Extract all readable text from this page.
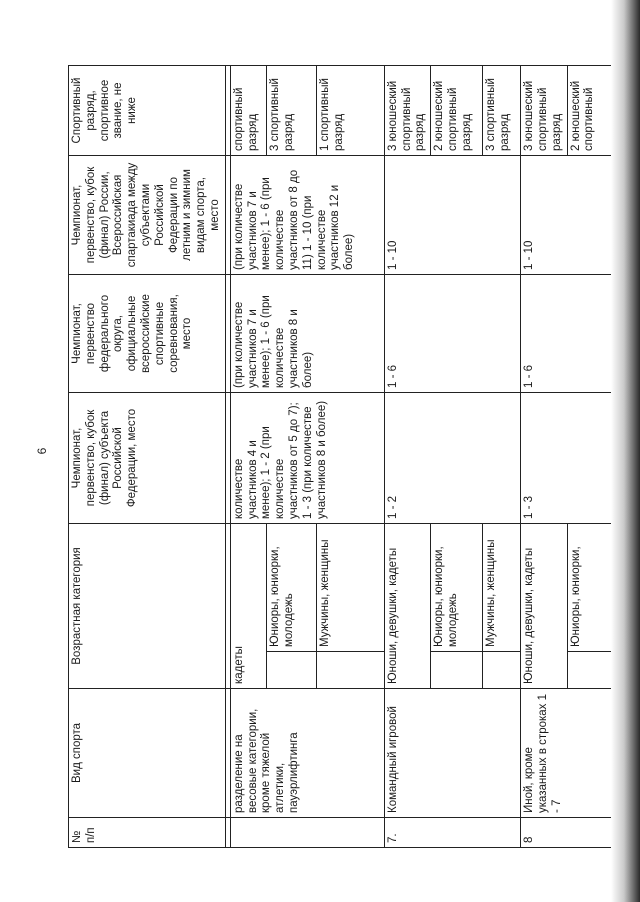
6
№ п/п	Вид спорта	Возрастная категория		Чемпионат, первенство, кубок (финал) субъекта Российской Федерации, место	Чемпионат, первенство федерального округа, официальные всероссийские спортивные соревнования, место	Чемпионат, первенство, кубок (финал) России, Всероссийская спартакиада между субъектами Российской Федерации по летним и зимним видам спорта, место	Спортивный разряд, спортивное звание, не ниже

	разделение на весовые категории, кроме тяжелой атлетики, пауэрлифтинга	кадеты		количестве участников 4 и менее); 1 - 2 (при количестве участников от 5 до 7); 1 - 3 (при количестве участников 8 и более)	(при количестве участников 7 и менее); 1 - 6 (при количестве участников 8 и более)	(при количестве участников 7 и менее); 1 - 6 (при количестве участников от 8 до 11) 1 - 10 (при количестве участников 12 и более)	спортивный разряд
			Юниоры, юниорки, молодежь				3 спортивный разряд
			Мужчины, женщины				1 спортивный разряд
7.	Командный игровой	Юноши, девушки, кадеты		1 - 2	1 - 6	1 - 10	3 юношеский спортивный разряд
			Юниоры, юниорки, молодежь				2 юношеский спортивный разряд
			Мужчины, женщины				3 спортивный разряд
8	Иной, кроме указанных в строках 1 - 7	Юноши, девушки, кадеты		1 - 3	1 - 6	1 - 10	3 юношеский спортивный разряд
			Юниоры, юниорки,				2 юношеский спортивный
